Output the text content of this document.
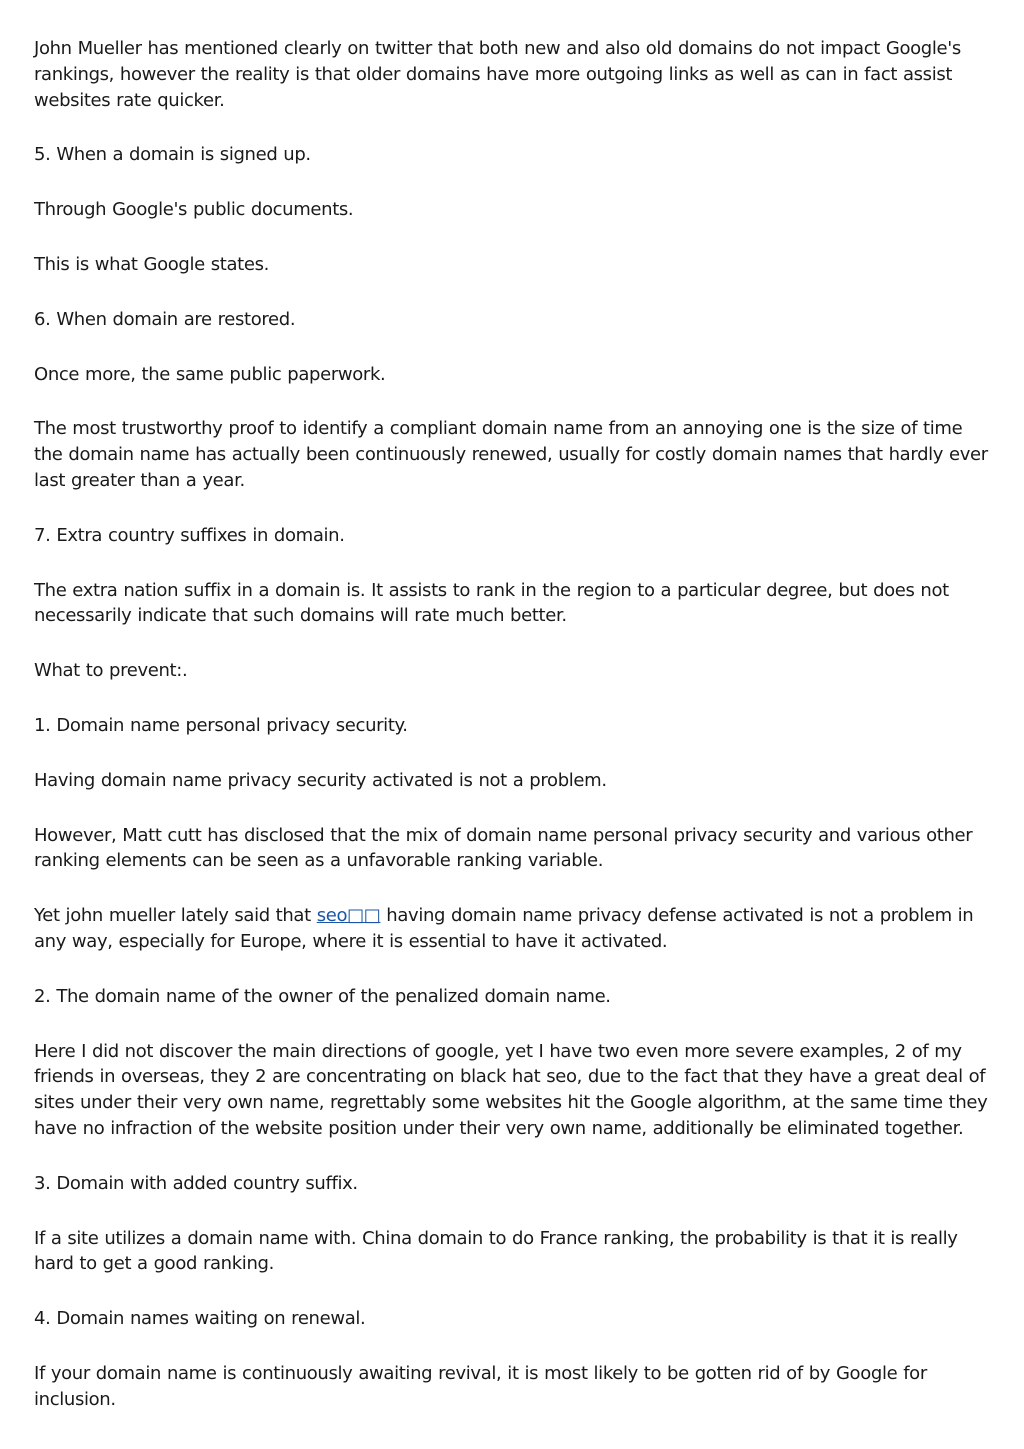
John Mueller has mentioned clearly on twitter that both new and also old domains do not impact Google's rankings, however the reality is that older domains have more outgoing links as well as can in fact assist websites rate quicker.

5. When a domain is signed up.

Through Google's public documents.

This is what Google states.

6. When domain are restored.

Once more, the same public paperwork.

The most trustworthy proof to identify a compliant domain name from an annoying one is the size of time the domain name has actually been continuously renewed, usually for costly domain names that hardly ever last greater than a year.

7. Extra country suffixes in domain.

The extra nation suffix in a domain is. It assists to rank in the region to a particular degree, but does not necessarily indicate that such domains will rate much better.

What to prevent:.

1. Domain name personal privacy security.

Having domain name privacy security activated is not a problem.

However, Matt cutt has disclosed that the mix of domain name personal privacy security and various other ranking elements can be seen as a unfavorable ranking variable.

Yet john mueller lately said that seo□□ having domain name privacy defense activated is not a problem in any way, especially for Europe, where it is essential to have it activated.

2. The domain name of the owner of the penalized domain name.

Here I did not discover the main directions of google, yet I have two even more severe examples, 2 of my friends in overseas, they 2 are concentrating on black hat seo, due to the fact that they have a great deal of sites under their very own name, regrettably some websites hit the Google algorithm, at the same time they have no infraction of the website position under their very own name, additionally be eliminated together.

3. Domain with added country suffix.

If a site utilizes a domain name with. China domain to do France ranking, the probability is that it is really hard to get a good ranking.

4. Domain names waiting on renewal.

If your domain name is continuously awaiting revival, it is most likely to be gotten rid of by Google for inclusion.
